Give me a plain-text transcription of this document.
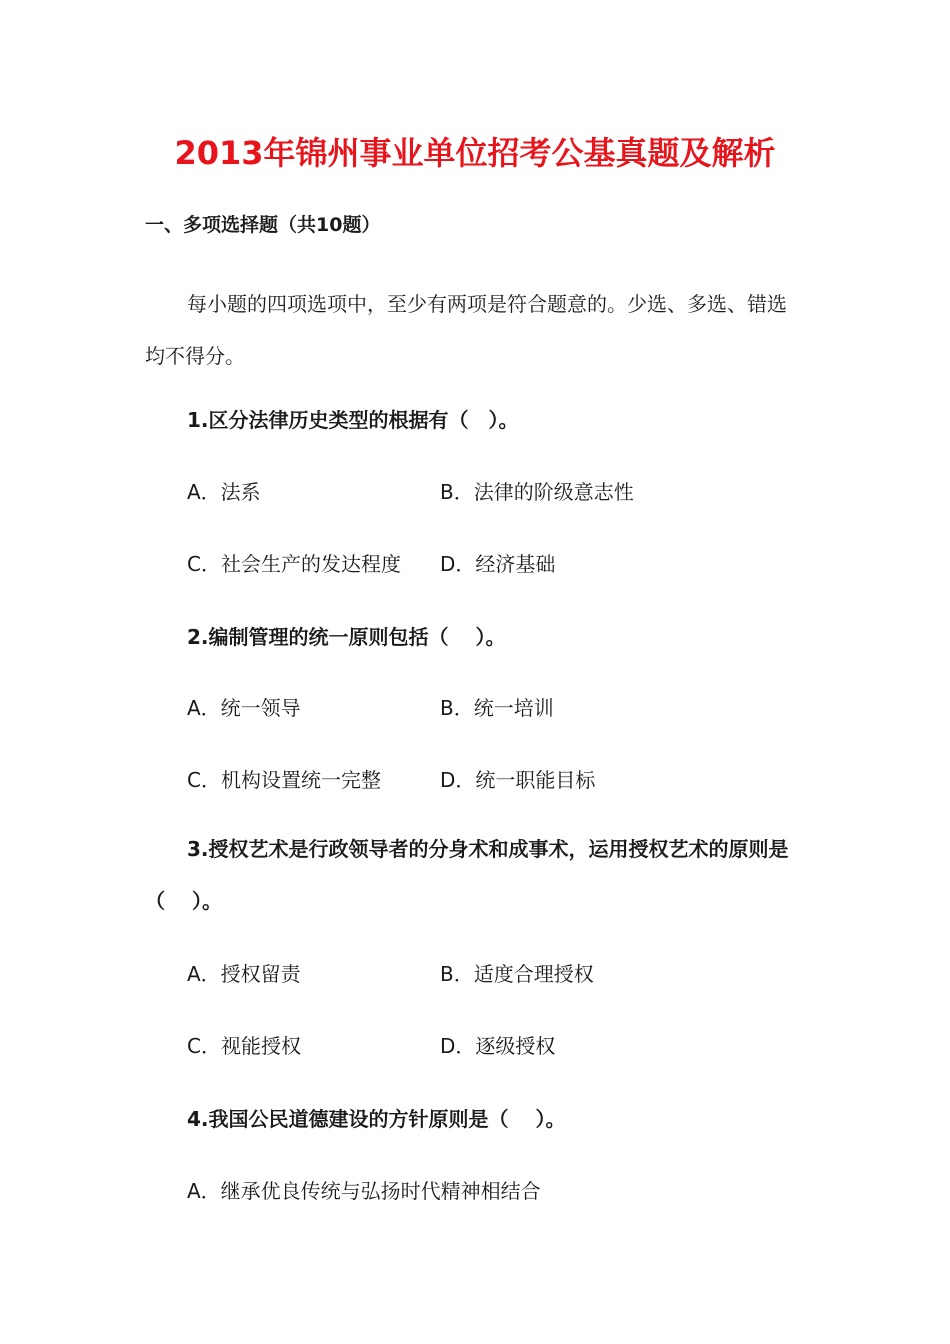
2013年锦州事业单位招考公基真题及解析
一、多项选择题（共10题）
每小题的四项选项中，至少有两项是符合题意的。少选、多选、错选均不得分。
1.区分法律历史类型的根据有（　）。
A．法系	B．法律的阶级意志性
C．社会生产的发达程度 D．经济基础
2.编制管理的统一原则包括（　 ）。
A．统一领导	B．统一培训
C．机构设置统一完整	D．统一职能目标
3.授权艺术是行政领导者的分身术和成事术，运用授权艺术的原则是（　 ）。
A．授权留责	B．适度合理授权
C．视能授权	D．逐级授权
4.我国公民道德建设的方针原则是（　 ）。
A．继承优良传统与弘扬时代精神相结合
